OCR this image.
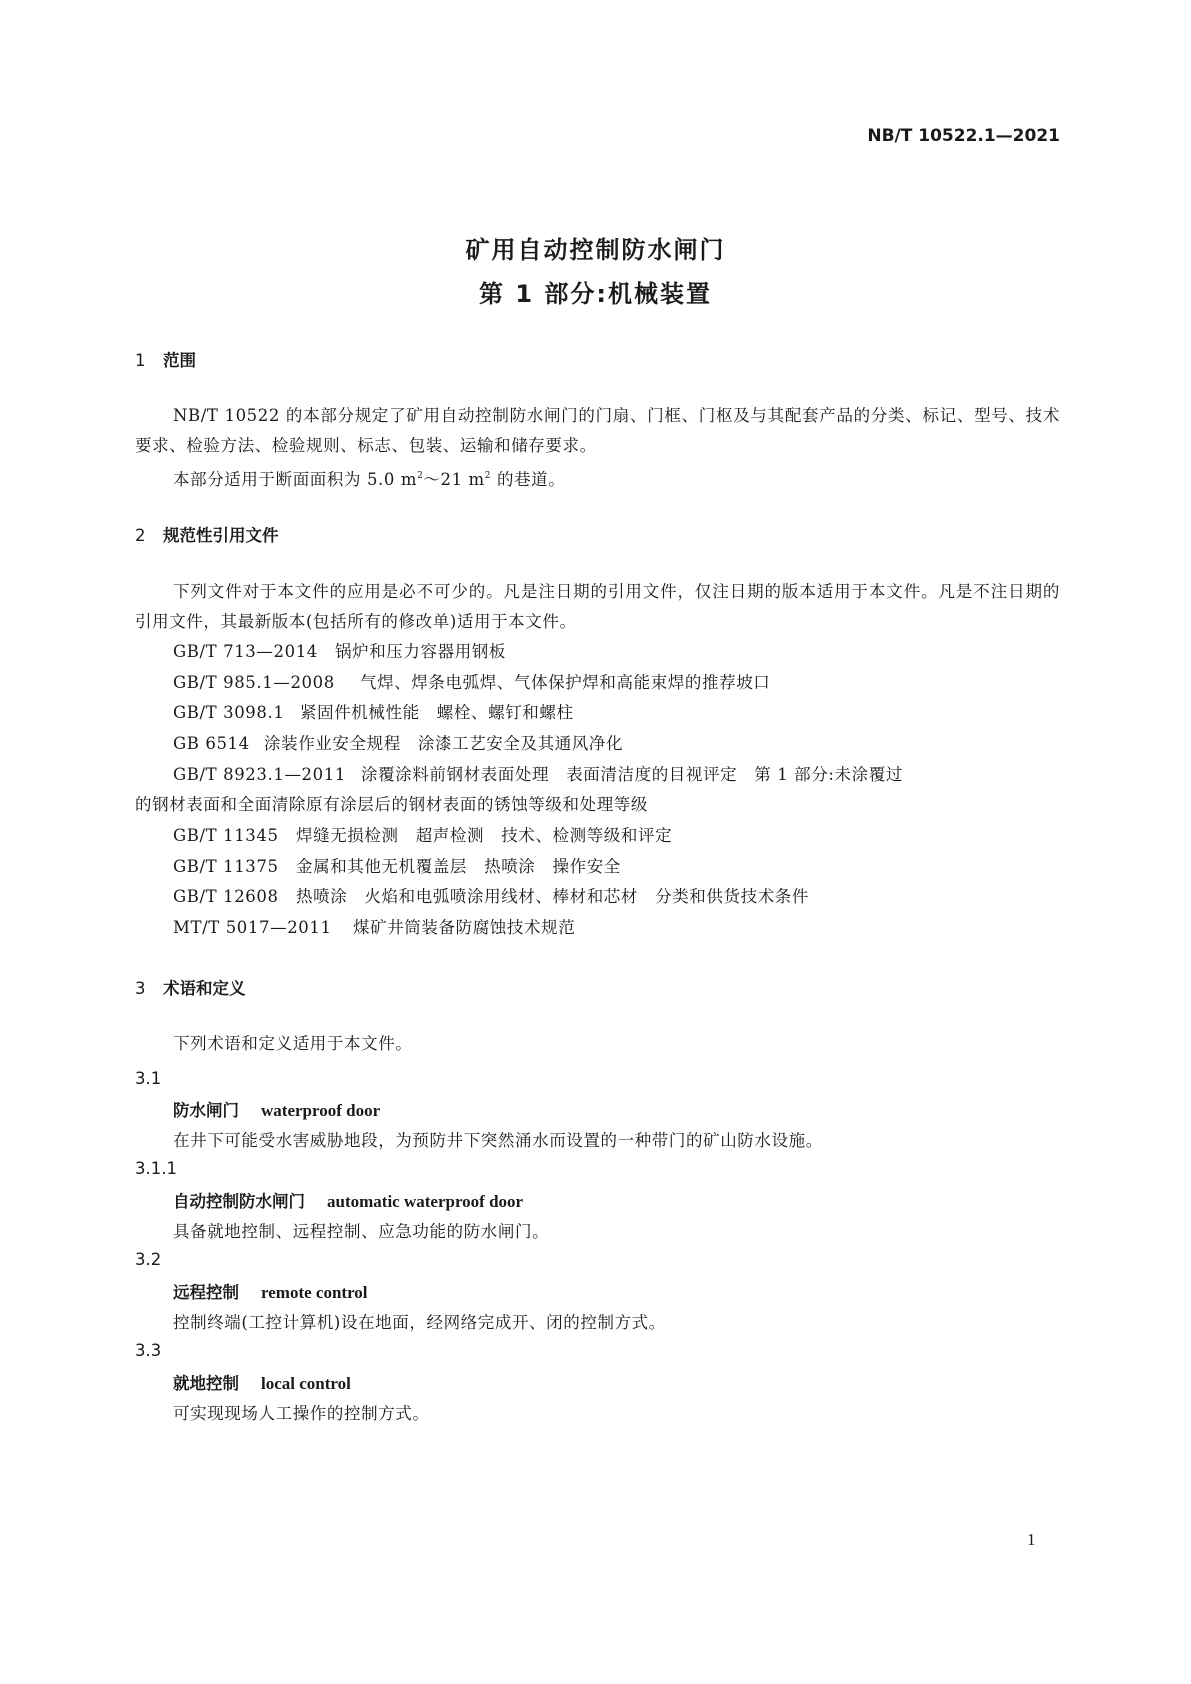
NB/T 10522.1—2021
矿用自动控制防水闸门
第 1 部分:机械装置
1 范围
NB/T 10522 的本部分规定了矿用自动控制防水闸门的门扇、门框、门枢及与其配套产品的分类、标记、型号、技术要求、检验方法、检验规则、标志、包装、运输和储存要求。
本部分适用于断面面积为 5.0 $m^2\sim 21$ $m^2$ 的巷道。
2 规范性引用文件
下列文件对于本文件的应用是必不可少的。凡是注日期的引用文件，仅注日期的版本适用于本文件。凡是不注日期的引用文件，其最新版本(包括所有的修改单)适用于本文件。
GB/T 713—2014 锅炉和压力容器用钢板
GB/T 985.1—2008 气焊、焊条电弧焊、气体保护焊和高能束焊的推荐坡口
GB/T 3098.1 紧固件机械性能　螺栓、螺钉和螺柱
GB 6514 涂装作业安全规程　涂漆工艺安全及其通风净化
GB/T 8923.1—2011 涂覆涂料前钢材表面处理　表面清洁度的目视评定　第 1 部分:未涂覆过
的钢材表面和全面清除原有涂层后的钢材表面的锈蚀等级和处理等级
GB/T 11345 焊缝无损检测　超声检测　技术、检测等级和评定
GB/T 11375 金属和其他无机覆盖层　热喷涂　操作安全
GB/T 12608 热喷涂　火焰和电弧喷涂用线材、棒材和芯材　分类和供货技术条件
MT/T 5017—2011 煤矿井筒装备防腐蚀技术规范
3 术语和定义
下列术语和定义适用于本文件。
3.1
防水闸门 waterproof door
在井下可能受水害威胁地段，为预防井下突然涌水而设置的一种带门的矿山防水设施。
3.1.1
自动控制防水闸门 automatic waterproof door
具备就地控制、远程控制、应急功能的防水闸门。
3.2
远程控制 remote control
控制终端(工控计算机)设在地面，经网络完成开、闭的控制方式。
3.3
就地控制 local control
可实现现场人工操作的控制方式。
1
